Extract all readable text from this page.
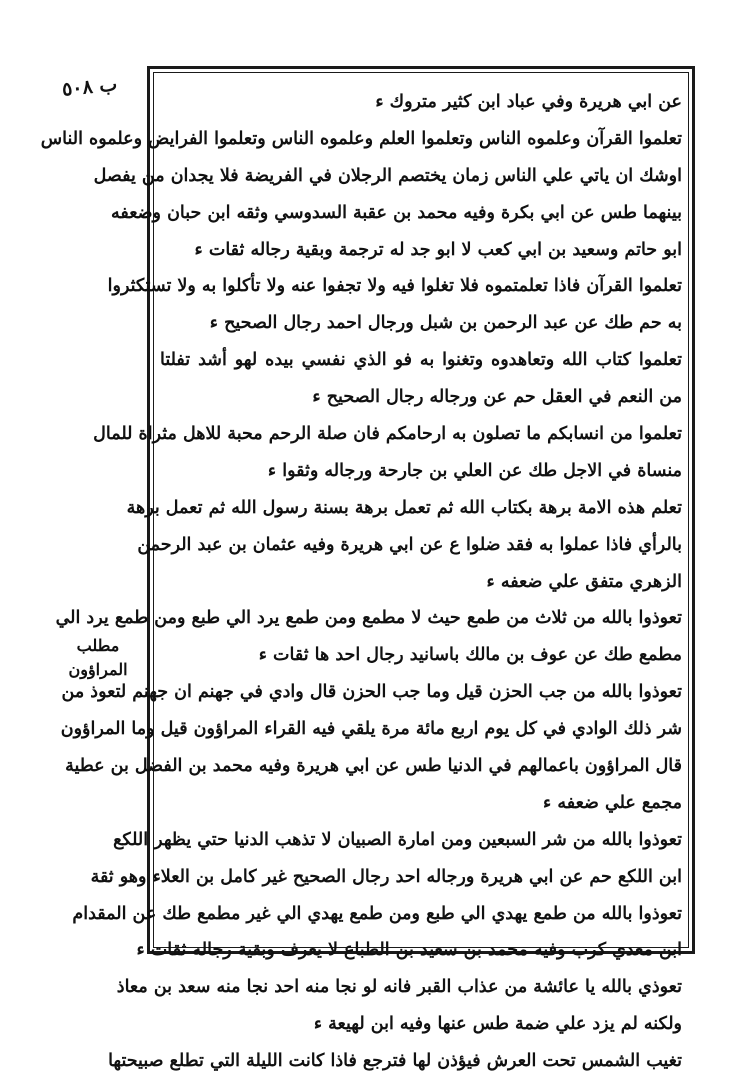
ب ٥٠٨
مطلب
المراؤون
عن ابي هريرة وفي عباد ابن كثير متروك ء
تعلموا القرآن وعلموه الناس وتعلموا العلم وعلموه الناس وتعلموا الفرايض وعلموه الناس
اوشك ان ياتي علي الناس زمان يختصم الرجلان في الفريضة فلا يجدان من يفصل
بينهما طس عن ابي بكرة وفيه محمد بن عقبة السدوسي وثقه ابن حبان وضعفه
ابو حاتم وسعيد بن ابي كعب لا ابو جد له ترجمة وبقية رجاله ثقات ء
تعلموا القرآن فاذا تعلمتموه فلا تغلوا فيه ولا تجفوا عنه ولا تأكلوا به ولا تستكثروا
به حم طك عن عبد الرحمن بن شبل ورجال احمد رجال الصحيح ء
تعلموا كتاب الله وتعاهدوه وتغنوا به فو الذي نفسي بيده لهو أشد تفلتا
من النعم في العقل حم عن ورجاله رجال الصحيح ء
تعلموا من انسابكم ما تصلون به ارحامكم فان صلة الرحم محبة للاهل مثراة للمال
منساة في الاجل طك عن العلي بن جارحة ورجاله وثقوا ء
تعلم هذه الامة برهة بكتاب الله ثم تعمل برهة بسنة رسول الله ثم تعمل برهة
بالرأي فاذا عملوا به فقد ضلوا ع عن ابي هريرة وفيه عثمان بن عبد الرحمن
الزهري متفق علي ضعفه ء
تعوذوا بالله من ثلاث من طمع حيث لا مطمع ومن طمع يرد الي طبع ومن طمع يرد الي
مطمع طك عن عوف بن مالك باسانيد رجال احد ها ثقات ء
تعوذوا بالله من جب الحزن قيل وما جب الحزن قال وادي في جهنم ان جهنم لتعوذ من
شر ذلك الوادي في كل يوم اربع مائة مرة يلقي فيه القراء المراؤون قيل وما المراؤون
قال المراؤون باعمالهم في الدنيا طس عن ابي هريرة وفيه محمد بن الفضل بن عطية
مجمع علي ضعفه ء
تعوذوا بالله من شر السبعين ومن امارة الصبيان لا تذهب الدنيا حتي يظهر اللكع
ابن اللكع حم عن ابي هريرة ورجاله احد رجال الصحيح غير كامل بن العلاء وهو ثقة
تعوذوا بالله من طمع يهدي الي طبع ومن طمع يهدي الي غير مطمع طك عن المقدام
ابن معدي كرب وفيه محمد بن سعيد بن الطباع لا يعرف وبقية رجاله ثقات ء
تعوذي بالله يا عائشة من عذاب القبر فانه لو نجا منه احد نجا منه سعد بن معاذ
ولكنه لم يزد علي ضمة طس عنها وفيه ابن لهيعة ء
تغيب الشمس تحت العرش فيؤذن لها فترجع فاذا كانت الليلة التي تطلع صبيحتها
